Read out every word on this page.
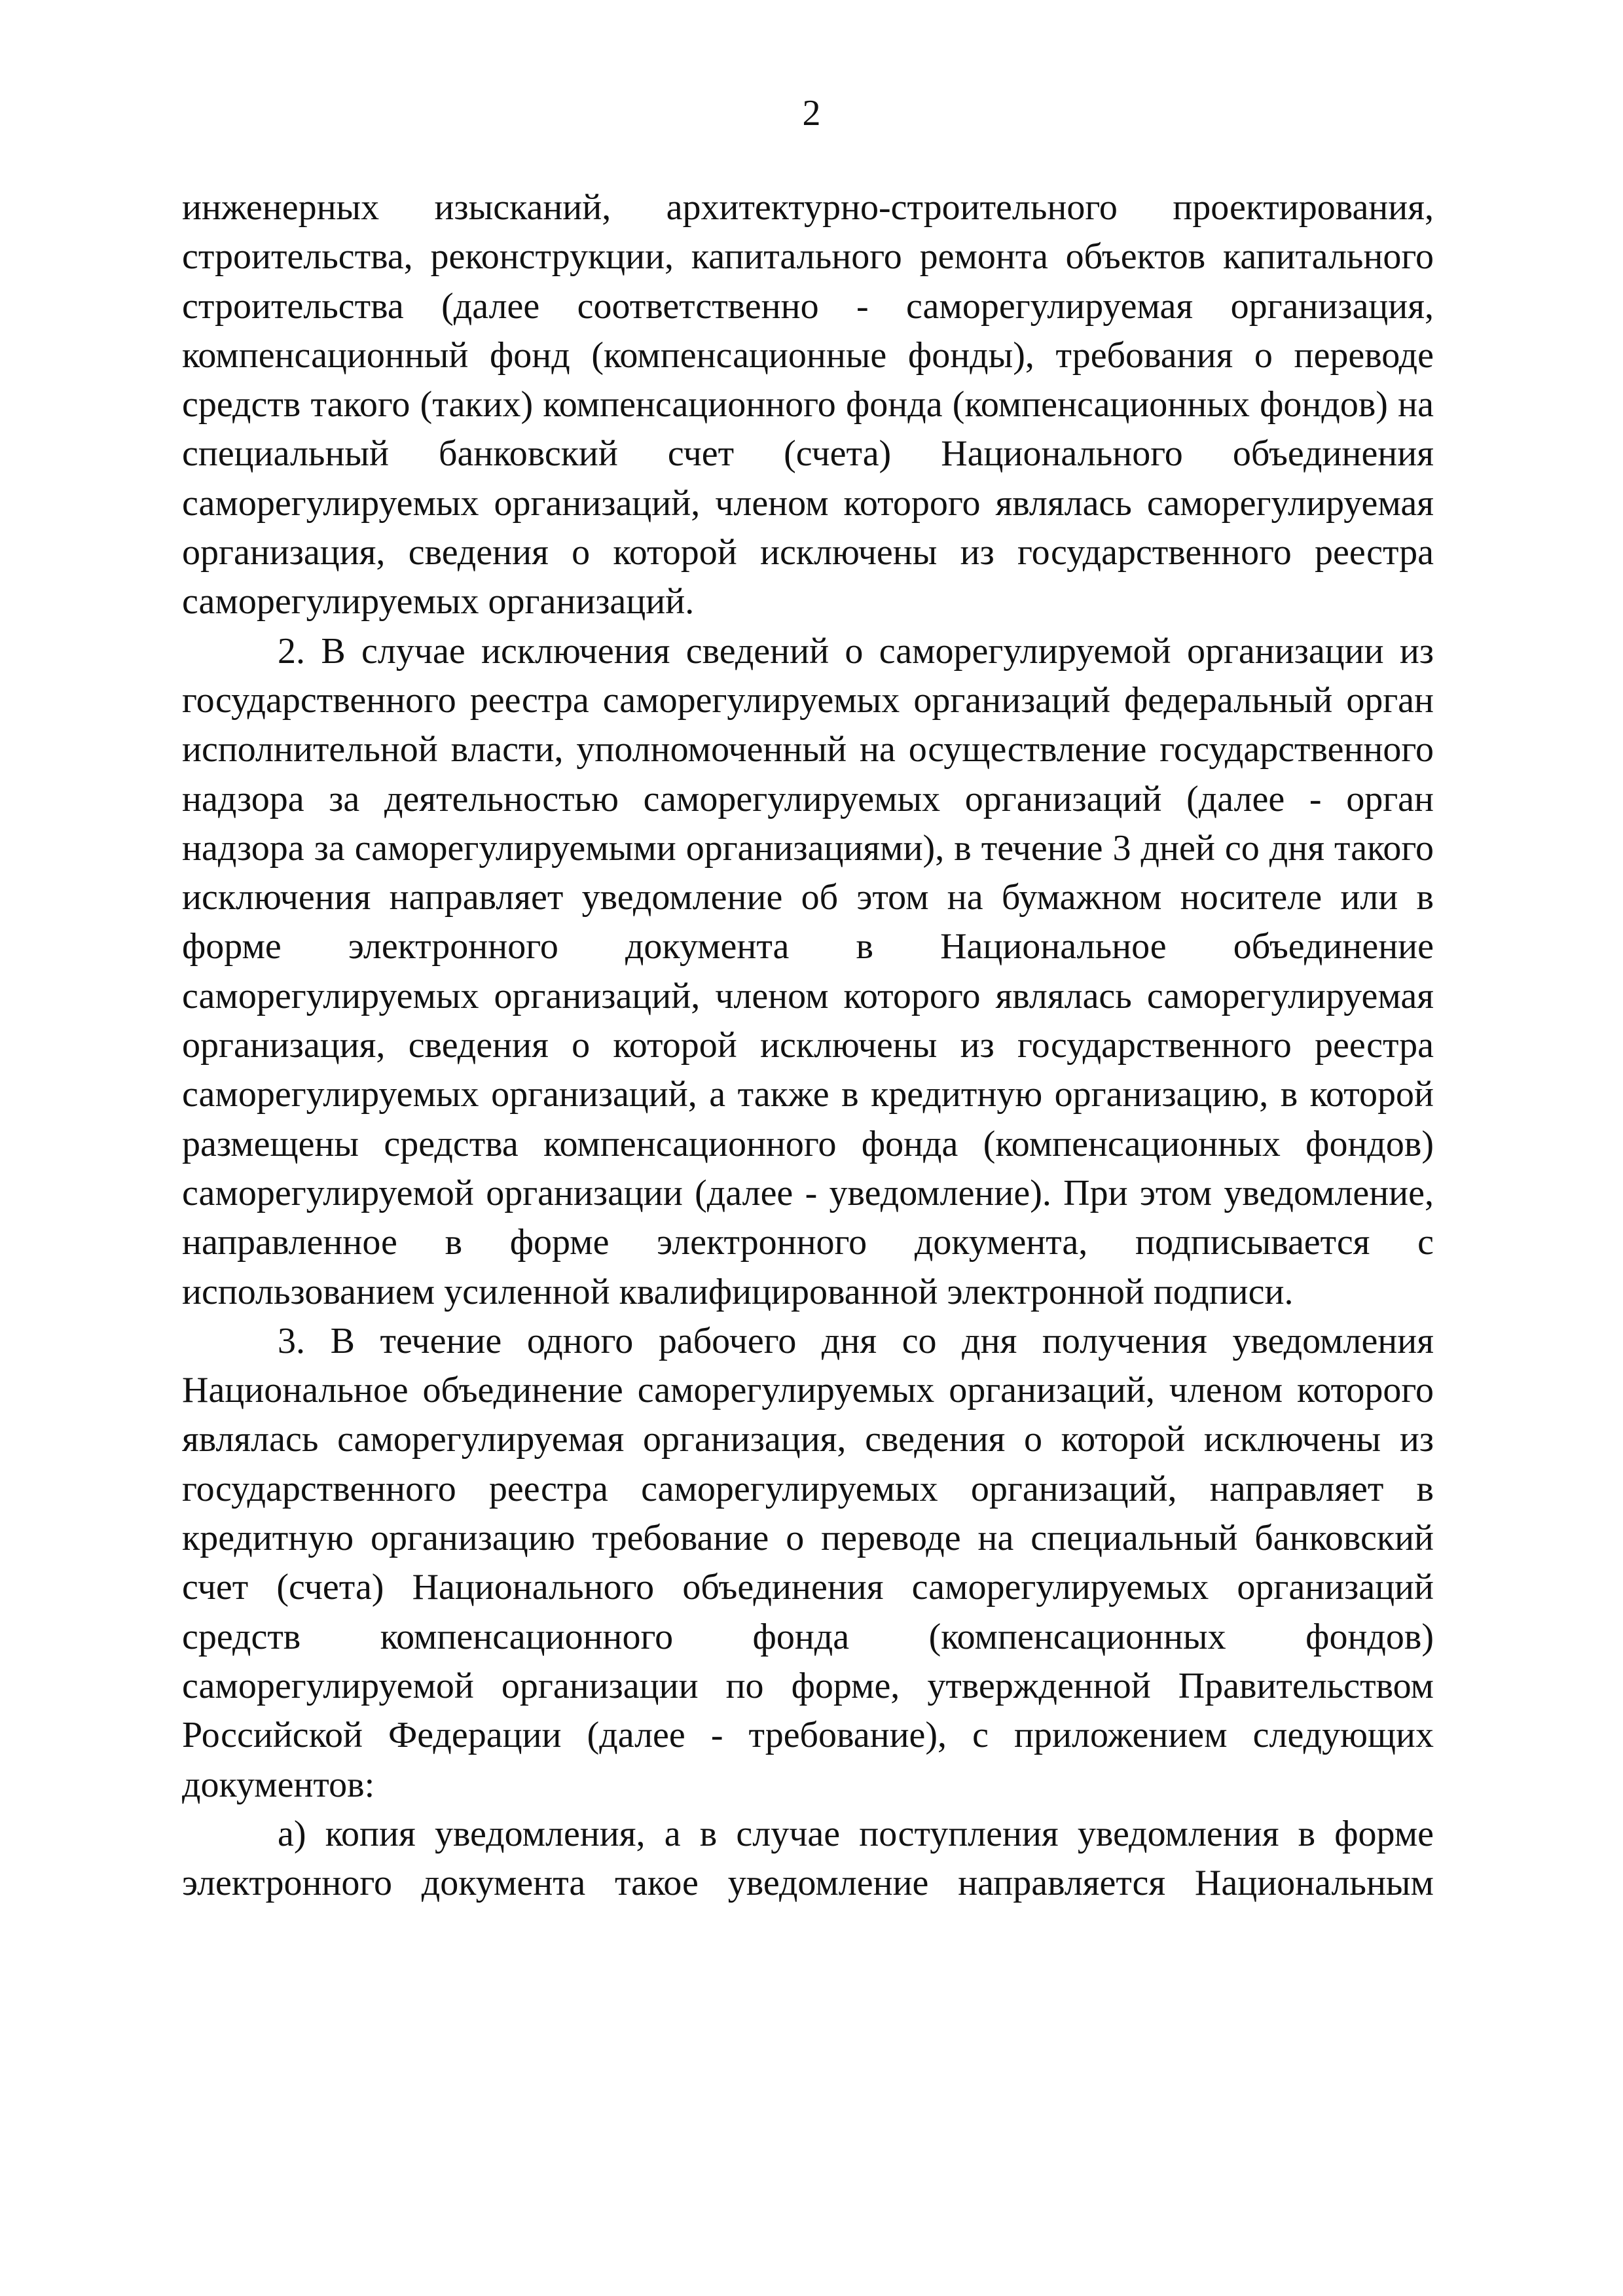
2

инженерных изысканий, архитектурно-строительного проектирования, строительства, реконструкции, капитального ремонта объектов капитального строительства (далее соответственно - саморегулируемая организация, компенсационный фонд (компенсационные фонды), требования о переводе средств такого (таких) компенсационного фонда (компенсационных фондов) на специальный банковский счет (счета) Национального объединения саморегулируемых организаций, членом которого являлась саморегулируемая организация, сведения о которой исключены из государственного реестра саморегулируемых организаций.

2. В случае исключения сведений о саморегулируемой организации из государственного реестра саморегулируемых организаций федеральный орган исполнительной власти, уполномоченный на осуществление государственного надзора за деятельностью саморегулируемых организаций (далее - орган надзора за саморегулируемыми организациями), в течение 3 дней со дня такого исключения направляет уведомление об этом на бумажном носителе или в форме электронного документа в Национальное объединение саморегулируемых организаций, членом которого являлась саморегулируемая организация, сведения о которой исключены из государственного реестра саморегулируемых организаций, а также в кредитную организацию, в которой размещены средства компенсационного фонда (компенсационных фондов) саморегулируемой организации (далее - уведомление). При этом уведомление, направленное в форме электронного документа, подписывается с использованием усиленной квалифицированной электронной подписи.

3. В течение одного рабочего дня со дня получения уведомления Национальное объединение саморегулируемых организаций, членом которого являлась саморегулируемая организация, сведения о которой исключены из государственного реестра саморегулируемых организаций, направляет в кредитную организацию требование о переводе на специальный банковский счет (счета) Национального объединения саморегулируемых организаций средств компенсационного фонда (компенсационных фондов) саморегулируемой организации по форме, утвержденной Правительством Российской Федерации (далее - требование), с приложением следующих документов:

а) копия уведомления, а в случае поступления уведомления в форме электронного документа такое уведомление направляется Национальным
